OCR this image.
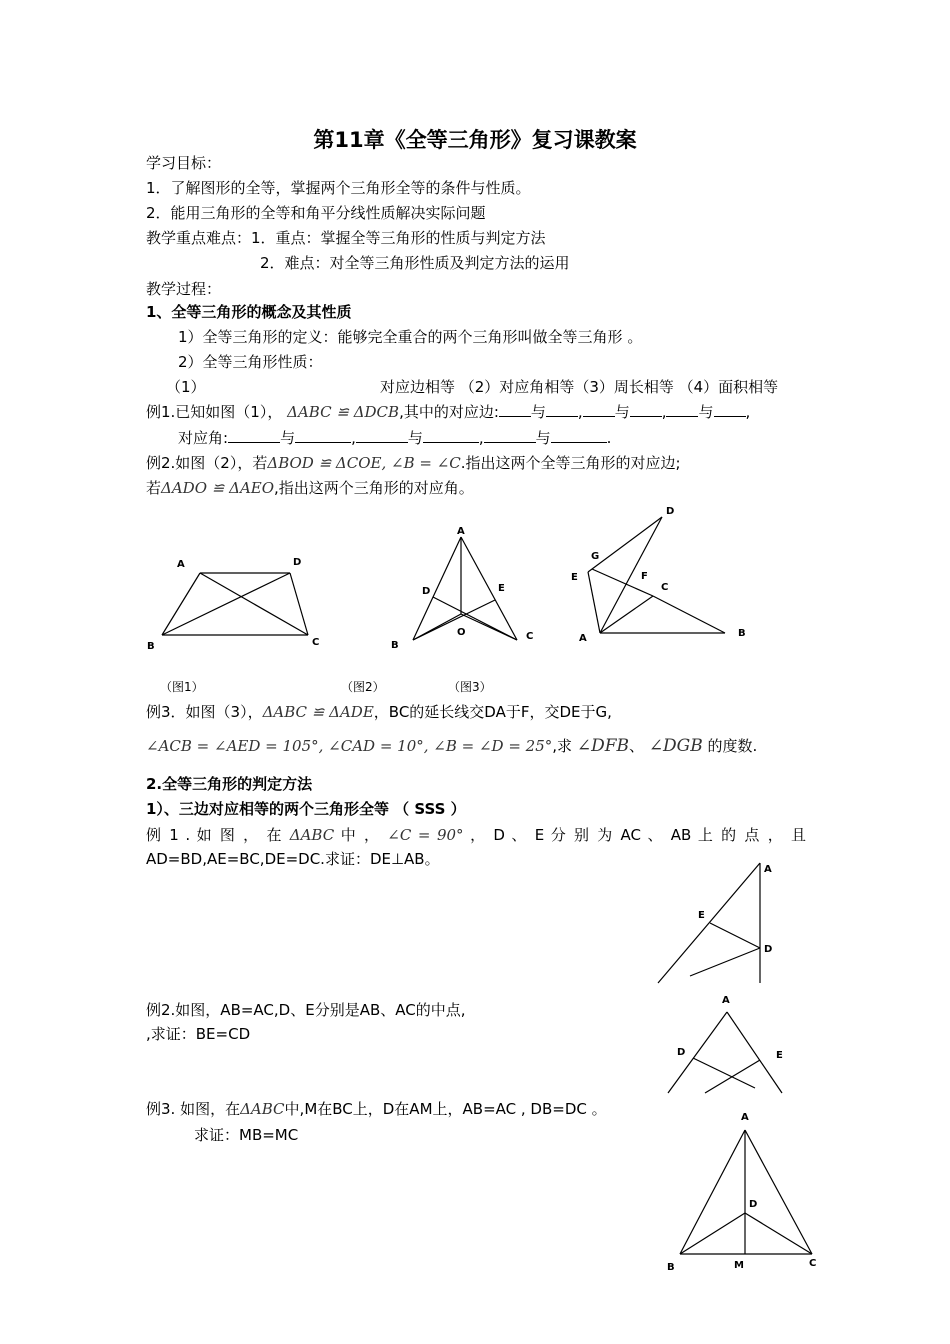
第11章《全等三角形》复习课教案
学习目标：
1．了解图形的全等，掌握两个三角形全等的条件与性质。
2．能用三角形的全等和角平分线性质解决实际问题
教学重点难点：1．重点：掌握全等三角形的性质与判定方法
2．难点：对全等三角形性质及判定方法的运用
教学过程：
1、全等三角形的概念及其性质
1）全等三角形的定义：能够完全重合的两个三角形叫做全等三角形 。
2）全等三角形性质：
（1）	对应边相等 （2）对应角相等（3）周长相等 （4）面积相等
例1.已知如图（1）， ΔABC ≌ ΔDCB,其中的对应边: 与 , 与 , 与 ,
对应角:	与	,	与	,	与	.
例2.如图（2），若ΔBOD ≌ ΔCOE, ∠B = ∠C.指出这两个全等三角形的对应边;
若ΔADO ≌ ΔAEO,指出这两个三角形的对应角。
A	D
B	C
A
D	E
O
B
C
D
G
E	F
C
A	B
（图1）	（图2）	（图3）
例3．如图（3），ΔABC ≌ ΔADE，BC的延长线交DA于F，交DE于G,
∠ACB = ∠AED = 105°, ∠CAD = 10°, ∠B = ∠D = 25°,求 ∠DFB、 ∠DGB 的度数.
2.全等三角形的判定方法
1）、三边对应相等的两个三角形全等 （ SSS ）
例 1 . 如 图 ， 在 ΔABC 中 ， ∠C = 90° ， D 、 E 分 别 为 AC 、 AB 上 的 点 ， 且
AD=BD,AE=BC,DE=DC.求证：DE⊥AB。
A
E
D
例2.如图，AB=AC,D、E分别是AB、AC的中点,
,求证：BE=CD
A
D	E
例3. 如图，在ΔABC中,M在BC上，D在AM上，AB=AC , DB=DC 。
求证：MB=MC
A
D
B	M	C
